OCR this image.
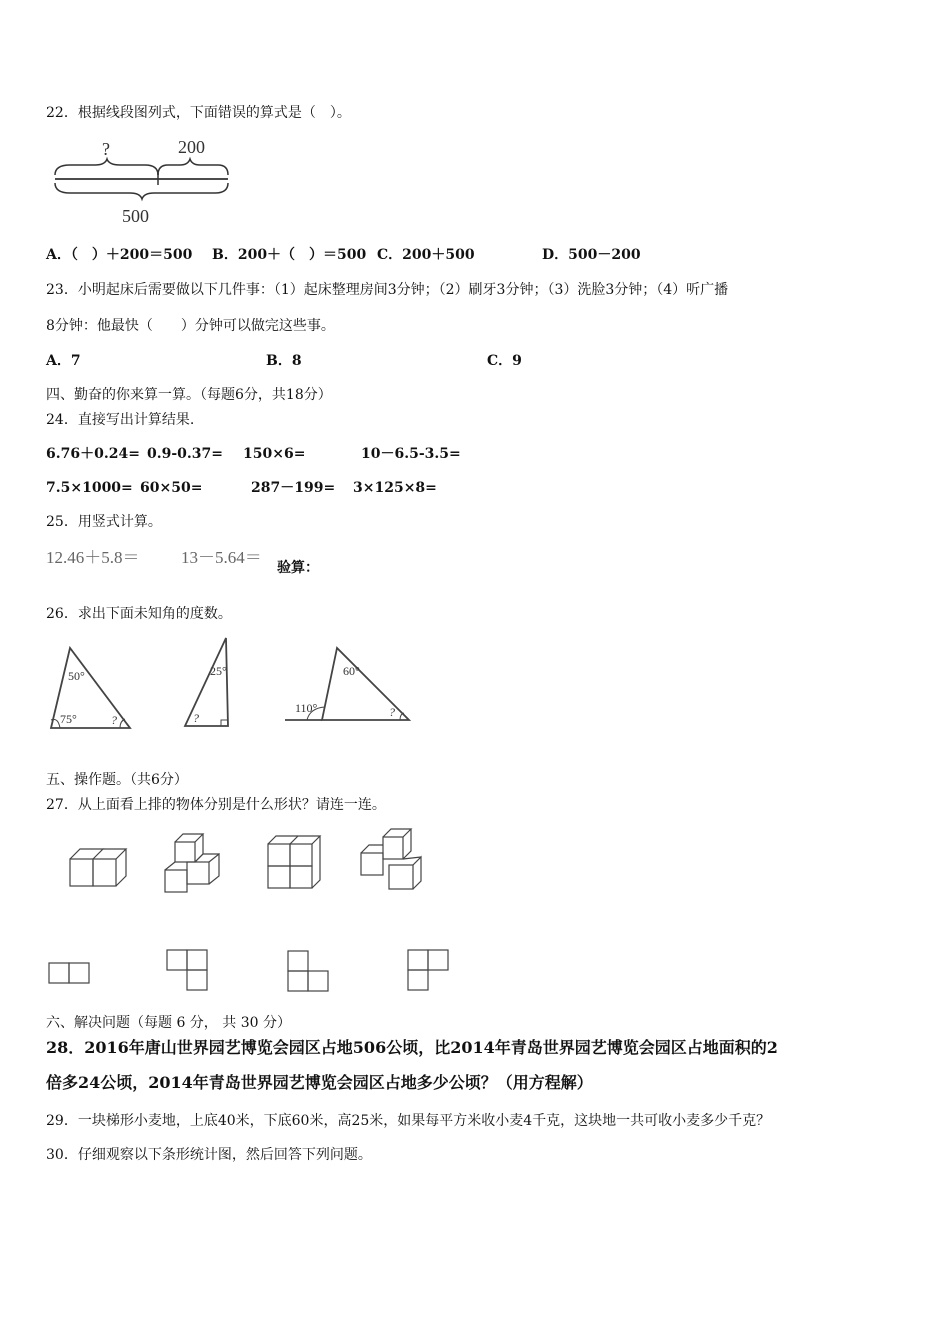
22．根据线段图列式，下面错误的算式是（　）。
?	200
500
A．（　）＋200＝500 B．200＋（　）＝500 C．200＋500	D．500－200
23．小明起床后需要做以下几件事：（1）起床整理房间3分钟；（2）刷牙3分钟；（3）洗脸3分钟；（4）听广播
8分钟：他最快（　　）分钟可以做完这些事。
A．7	B．8	C．9
四、勤奋的你来算一算。（每题6分，共18分）
24．直接写出计算结果.
6.76＋0.24= 0.9-0.37= 150×6=	10－6.5-3.5=
7.5×1000= 60×50=	287－199= 3×125×8=
25．用竖式计算。
12.46＋5.8＝ 13－5.64＝
验算：
26．求出下面未知角的度数。
50°
75°	?
25°
?
60°
110°	?
五、操作题。（共6分）
27．从上面看上排的物体分别是什么形状？请连一连。
六、解决问题（每题 6 分， 共 30 分）
28．2016年唐山世界园艺博览会园区占地506公顷，比2014年青岛世界园艺博览会园区占地面积的2
倍多24公顷，2014年青岛世界园艺博览会园区占地多少公顷？（用方程解）
29．一块梯形小麦地，上底40米，下底60米，高25米，如果每平方米收小麦4千克，这块地一共可收小麦多少千克？
30．仔细观察以下条形统计图，然后回答下列问题。
